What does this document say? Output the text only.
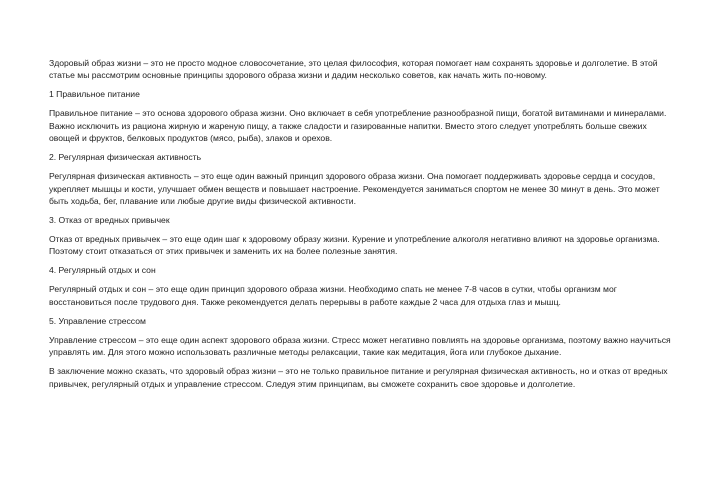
Здоровый образ жизни – это не просто модное словосочетание, это целая философия, которая помогает нам сохранять здоровье и долголетие. В этой статье мы рассмотрим основные принципы здорового образа жизни и дадим несколько советов, как начать жить по-новому.

1 Правильное питание

Правильное питание – это основа здорового образа жизни. Оно включает в себя употребление разнообразной пищи, богатой витаминами и минералами. Важно исключить из рациона жирную и жареную пищу, а также сладости и газированные напитки. Вместо этого следует употреблять больше свежих овощей и фруктов, белковых продуктов (мясо, рыба), злаков и орехов.

2. Регулярная физическая активность

Регулярная физическая активность – это еще один важный принцип здорового образа жизни. Она помогает поддерживать здоровье сердца и сосудов, укрепляет мышцы и кости, улучшает обмен веществ и повышает настроение. Рекомендуется заниматься спортом не менее 30 минут в день. Это может быть ходьба, бег, плавание или любые другие виды физической активности.

3. Отказ от вредных привычек

Отказ от вредных привычек – это еще один шаг к здоровому образу жизни. Курение и употребление алкоголя негативно влияют на здоровье организма. Поэтому стоит отказаться от этих привычек и заменить их на более полезные занятия.

4. Регулярный отдых и сон

Регулярный отдых и сон – это еще один принцип здорового образа жизни. Необходимо спать не менее 7-8 часов в сутки, чтобы организм мог восстановиться после трудового дня. Также рекомендуется делать перерывы в работе каждые 2 часа для отдыха глаз и мышц.

5. Управление стрессом

Управление стрессом – это еще один аспект здорового образа жизни. Стресс может негативно повлиять на здоровье организма, поэтому важно научиться управлять им. Для этого можно использовать различные методы релаксации, такие как медитация, йога или глубокое дыхание.

В заключение можно сказать, что здоровый образ жизни – это не только правильное питание и регулярная физическая активность, но и отказ от вредных привычек, регулярный отдых и управление стрессом. Следуя этим принципам, вы сможете сохранить свое здоровье и долголетие.
